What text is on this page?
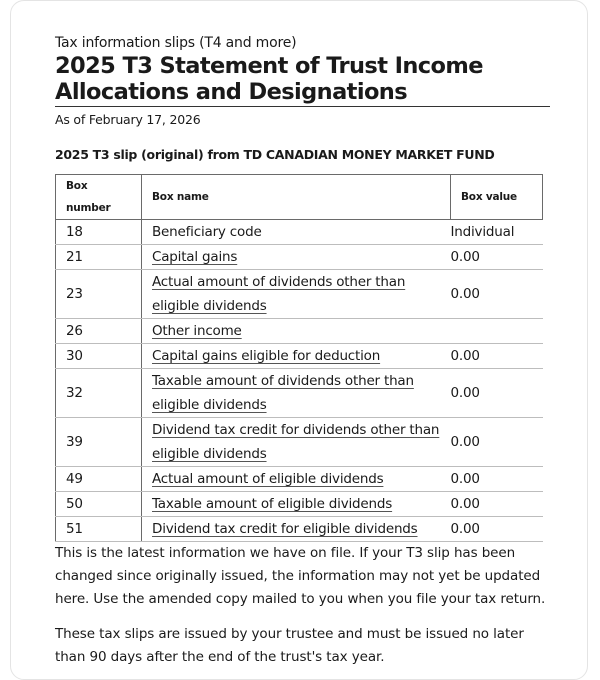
Tax information slips (T4 and more)
2025 T3 Statement of Trust Income Allocations and Designations
As of February 17, 2026
2025 T3 slip (original) from TD CANADIAN MONEY MARKET FUND
Box number	Box name	Box value
18	Beneficiary code	Individual
21	Capital gains	0.00
23	Actual amount of dividends other than eligible dividends	0.00
26	Other income	
30	Capital gains eligible for deduction	0.00
32	Taxable amount of dividends other than eligible dividends	0.00
39	Dividend tax credit for dividends other than eligible dividends	0.00
49	Actual amount of eligible dividends	0.00
50	Taxable amount of eligible dividends	0.00
51	Dividend tax credit for eligible dividends	0.00

This is the latest information we have on file. If your T3 slip has been changed since originally issued, the information may not yet be updated here. Use the amended copy mailed to you when you file your tax return.

These tax slips are issued by your trustee and must be issued no later than 90 days after the end of the trust's tax year.
